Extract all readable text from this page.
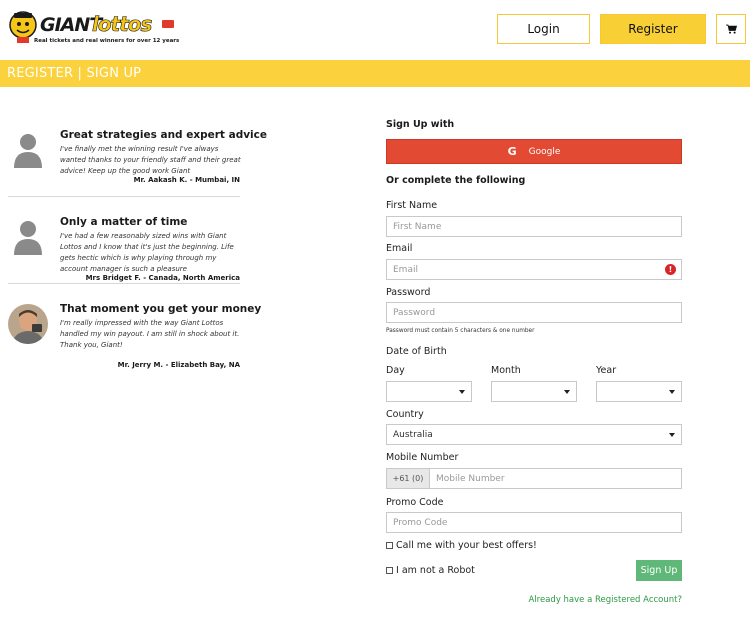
GIANT
lottos
Real tickets and real winners for over 12 years
Login	Register
REGISTER | SIGN UP
Great strategies and expert advice
I've finally met the winning result I've always wanted thanks to your friendly staff and their great advice! Keep up the good work Giant
Mr. Aakash K. - Mumbai, IN
Only a matter of time
I've had a few reasonably sized wins with Giant Lottos and I know that it's just the beginning. Life gets hectic which is why playing through my account manager is such a pleasure
Mrs Bridget F. - Canada, North America
That moment you get your money
I'm really impressed with the way Giant Lottos handled my win payout. I am still in shock about it. Thank you, Giant!
Mr. Jerry M. - Elizabeth Bay, NA
Sign Up with
G Google
Or complete the following
First Name
First Name
Email
Email
!
Password
Password must contain 5 characters & one number
Date of Birth
Day	Month	Year
Country
Australia
Mobile Number
+61 (0)
Mobile Number
Promo Code
Promo Code
Call me with your best offers!
I am not a Robot	Sign Up
Already have a Registered Account?
